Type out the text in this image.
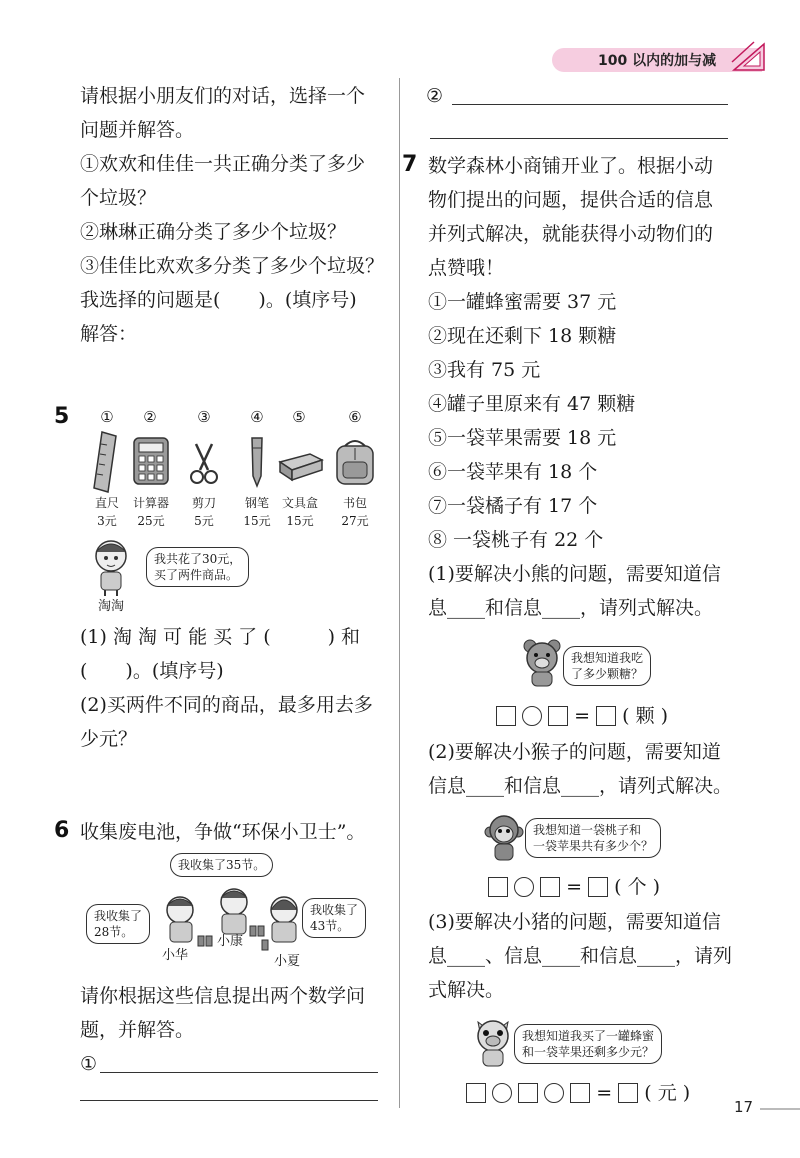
100 以内的加与减
请根据小朋友们的对话，选择一个
问题并解答。
①欢欢和佳佳一共正确分类了多少
个垃圾？
②琳琳正确分类了多少个垃圾？
③佳佳比欢欢多分类了多少个垃圾？
我选择的问题是(　　)。(填序号)
解答：
5	①	②	③	④	⑤	⑥
直尺	计算器	剪刀	钢笔	文具盒	书包
3元	25元	5元	15元	15元	27元
我共花了30元，
买了两件商品。
淘淘
(1) 淘 淘 可 能 买 了 (　　　) 和
(　　)。(填序号)
(2)买两件不同的商品，最多用去多
少元？
6 收集废电池，争做“环保小卫士”。
我收集了35节。
我收集了
28节。
我收集了
43节。
小华
小康
小夏
请你根据这些信息提出两个数学问
题，并解答。
①
②
7 数学森林小商铺开业了。根据小动
物们提出的问题，提供合适的信息
并列式解决，就能获得小动物们的
点赞哦！
①一罐蜂蜜需要 37 元
②现在还剩下 18 颗糖
③我有 75 元
④罐子里原来有 47 颗糖
⑤一袋苹果需要 18 元
⑥一袋苹果有 18 个
⑦一袋橘子有 17 个
⑧ 一袋桃子有 22 个
(1)要解决小熊的问题，需要知道信
息____和信息____，请列式解决。
我想知道我吃
了多少颗糖？
= ( 颗 )
(2)要解决小猴子的问题，需要知道
信息____和信息____，请列式解决。
我想知道一袋桃子和
一袋苹果共有多少个？
= ( 个 )
(3)要解决小猪的问题，需要知道信
息____、信息____和信息____，请列
式解决。
我想知道我买了一罐蜂蜜
和一袋苹果还剩多少元？
= ( 元 )
17
